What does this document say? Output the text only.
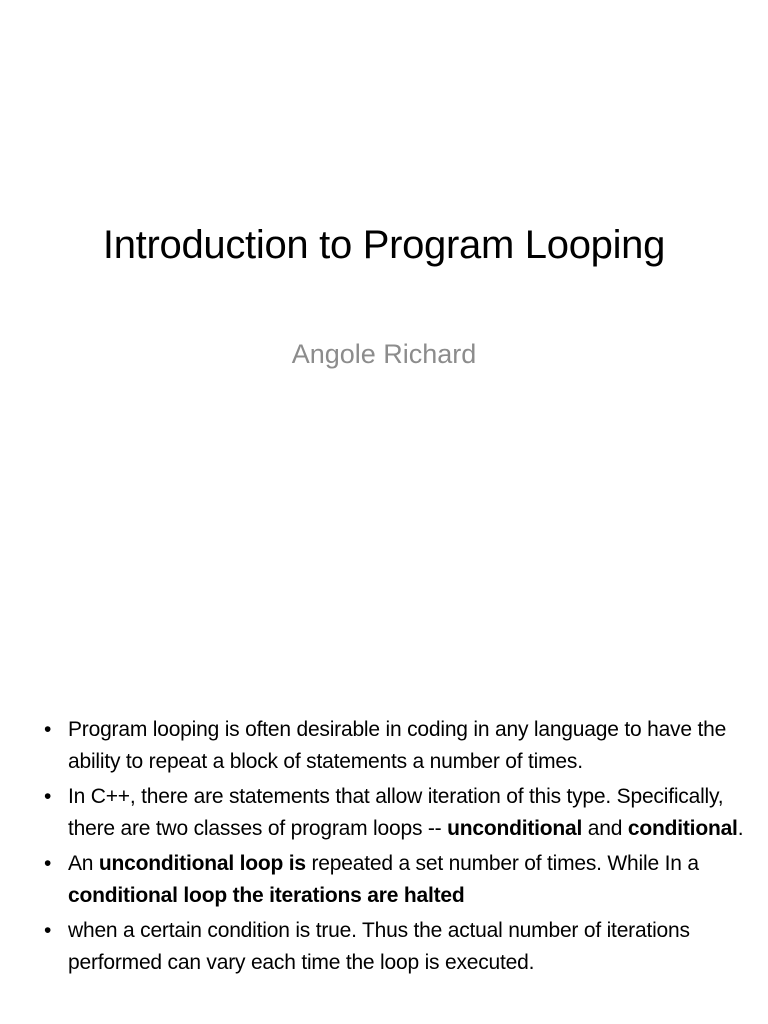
Introduction to Program Looping
Angole Richard
• Program looping is often desirable in coding in any language to have the ability to repeat a block of statements a number of times.
• In C++, there are statements that allow iteration of this type. Specifically, there are two classes of program loops -- unconditional and conditional.
• An unconditional loop is repeated a set number of times. While In a conditional loop the iterations are halted
• when a certain condition is true. Thus the actual number of iterations performed can vary each time the loop is executed.
